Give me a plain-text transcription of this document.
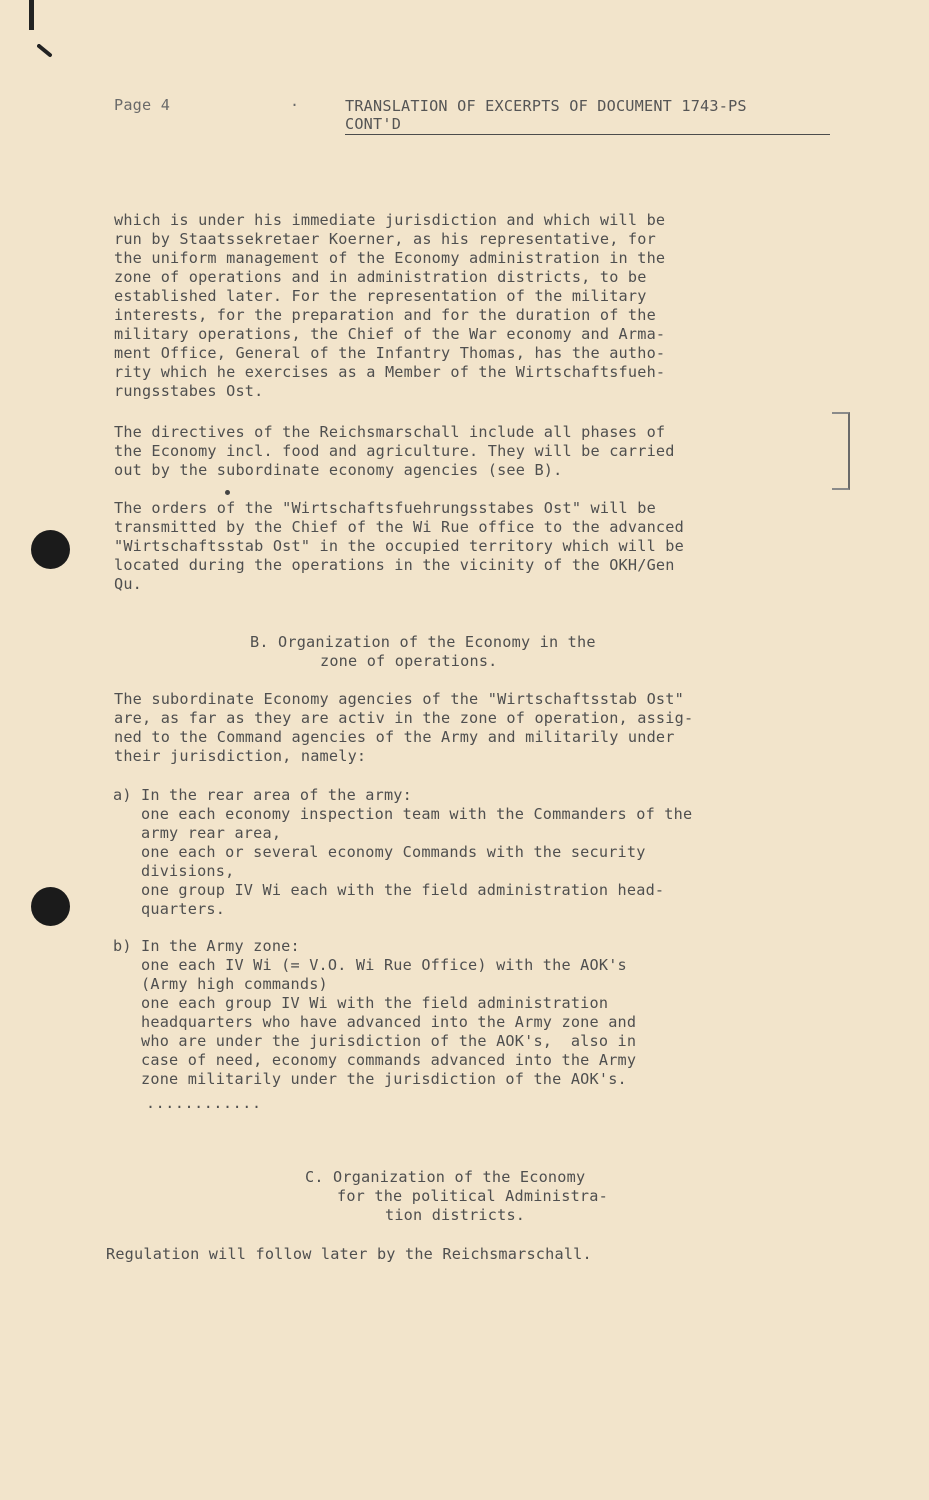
Page 4	.	TRANSLATION OF EXCERPTS OF DOCUMENT 1743-PS
CONT'D
which is under his immediate jurisdiction and which will be
run by Staatssekretaer Koerner, as his representative, for
the uniform management of the Economy administration in the
zone of operations and in administration districts, to be
established later. For the representation of the military
interests, for the preparation and for the duration of the
military operations, the Chief of the War economy and Arma-
ment Office, General of the Infantry Thomas, has the autho-
rity which he exercises as a Member of the Wirtschaftsfueh-
rungsstabes Ost.
The directives of the Reichsmarschall include all phases of
the Economy incl. food and agriculture. They will be carried
out by the subordinate economy agencies (see B).
The orders of the "Wirtschaftsfuehrungsstabes Ost" will be
transmitted by the Chief of the Wi Rue office to the advanced
"Wirtschaftsstab Ost" in the occupied territory which will be
located during the operations in the vicinity of the OKH/Gen
Qu.
B. Organization of the Economy in the
zone of operations.
The subordinate Economy agencies of the "Wirtschaftsstab Ost"
are, as far as they are activ in the zone of operation, assig-
ned to the Command agencies of the Army and militarily under
their jurisdiction, namely:
a) In the rear area of the army:
one each economy inspection team with the Commanders of the
army rear area,
one each or several economy Commands with the security
divisions,
one group IV Wi each with the field administration head-
quarters.
b) In the Army zone:
one each IV Wi (= V.O. Wi Rue Office) with the AOK's
(Army high commands)
one each group IV Wi with the field administration
headquarters who have advanced into the Army zone and
who are under the jurisdiction of the AOK's,  also in
case of need, economy commands advanced into the Army
zone militarily under the jurisdiction of the AOK's.
............
C. Organization of the Economy
for the political Administra-
tion districts.
Regulation will follow later by the Reichsmarschall.
